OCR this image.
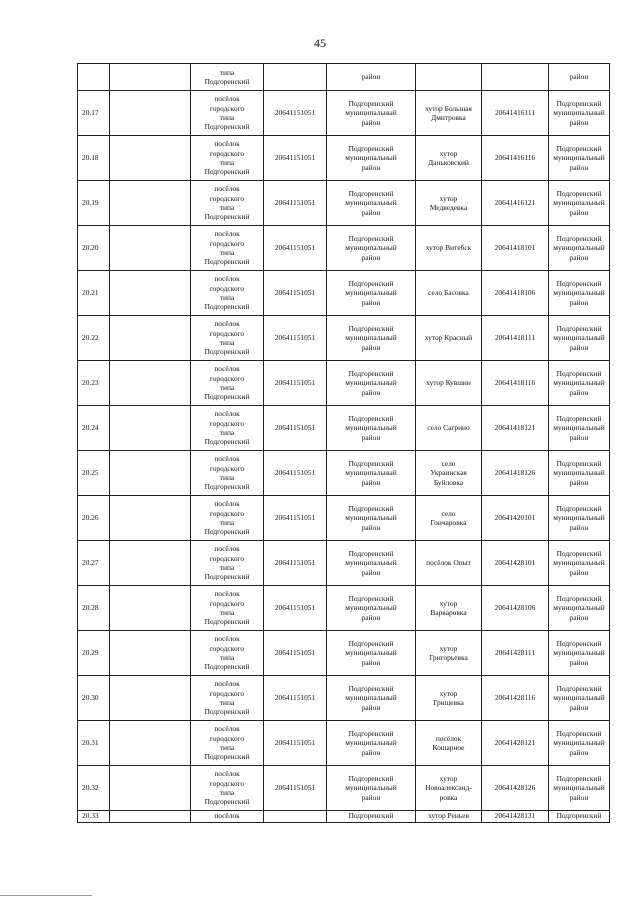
45
		типа
Подгоренский		район			район
20.17		посёлок
городского
типа
Подгоренский	20641151051	Подгоренский
муниципальный
район	хутор Большая
Дмитровка	20641416111	Подгоренский
муниципальный
район
20.18		посёлок
городского
типа
Подгоренский	20641151051	Подгоренский
муниципальный
район	хутор
Даньковский	20641416116	Подгоренский
муниципальный
район
20.19		посёлок
городского
типа
Подгоренский	20641151051	Подгоренский
муниципальный
район	хутор
Медведевка	20641416121	Подгоренский
муниципальный
район
20.20		посёлок
городского
типа
Подгоренский	20641151051	Подгоренский
муниципальный
район	хутор Витебск	20641418101	Подгоренский
муниципальный
район
20.21		посёлок
городского
типа
Подгоренский	20641151051	Подгоренский
муниципальный
район	село Басовка	20641418106	Подгоренский
муниципальный
район
20.22		посёлок
городского
типа
Подгоренский	20641151051	Подгоренский
муниципальный
район	хутор Красный	20641418111	Подгоренский
муниципальный
район
20.23		посёлок
городского
типа
Подгоренский	20641151051	Подгоренский
муниципальный
район	хутор Кувшин	20641418116	Подгоренский
муниципальный
район
20.24		посёлок
городского
типа
Подгоренский	20641151051	Подгоренский
муниципальный
район	село Сагрино	20641418121	Подгоренский
муниципальный
район
20.25		посёлок
городского
типа
Подгоренский	20641151051	Подгоренский
муниципальный
район	село
Украинская
Буйловка	20641418126	Подгоренский
муниципальный
район
20.26		посёлок
городского
типа
Подгоренский	20641151051	Подгоренский
муниципальный
район	село
Гончаровка	20641420101	Подгоренский
муниципальный
район
20.27		посёлок
городского
типа
Подгоренский	20641151051	Подгоренский
муниципальный
район	посёлок Опыт	20641428101	Подгоренский
муниципальный
район
20.28		посёлок
городского
типа
Подгоренский	20641151051	Подгоренский
муниципальный
район	хутор
Варваровка	20641428106	Подгоренский
муниципальный
район
20.29		посёлок
городского
типа
Подгоренский	20641151051	Подгоренский
муниципальный
район	хутор
Григорьевка	20641428111	Подгоренский
муниципальный
район
20.30		посёлок
городского
типа
Подгоренский	20641151051	Подгоренский
муниципальный
район	хутор
Грищевка	20641428116	Подгоренский
муниципальный
район
20.31		посёлок
городского
типа
Подгоренский	20641151051	Подгоренский
муниципальный
район	посёлок
Кошарное	20641428121	Подгоренский
муниципальный
район
20.32		посёлок
городского
типа
Подгоренский	20641151051	Подгоренский
муниципальный
район	хутор
Новоалександ-
ровка	20641428126	Подгоренский
муниципальный
район
20.33		посёлок		Подгоренский	хутор Реньев	20641428131	Подгоренский
